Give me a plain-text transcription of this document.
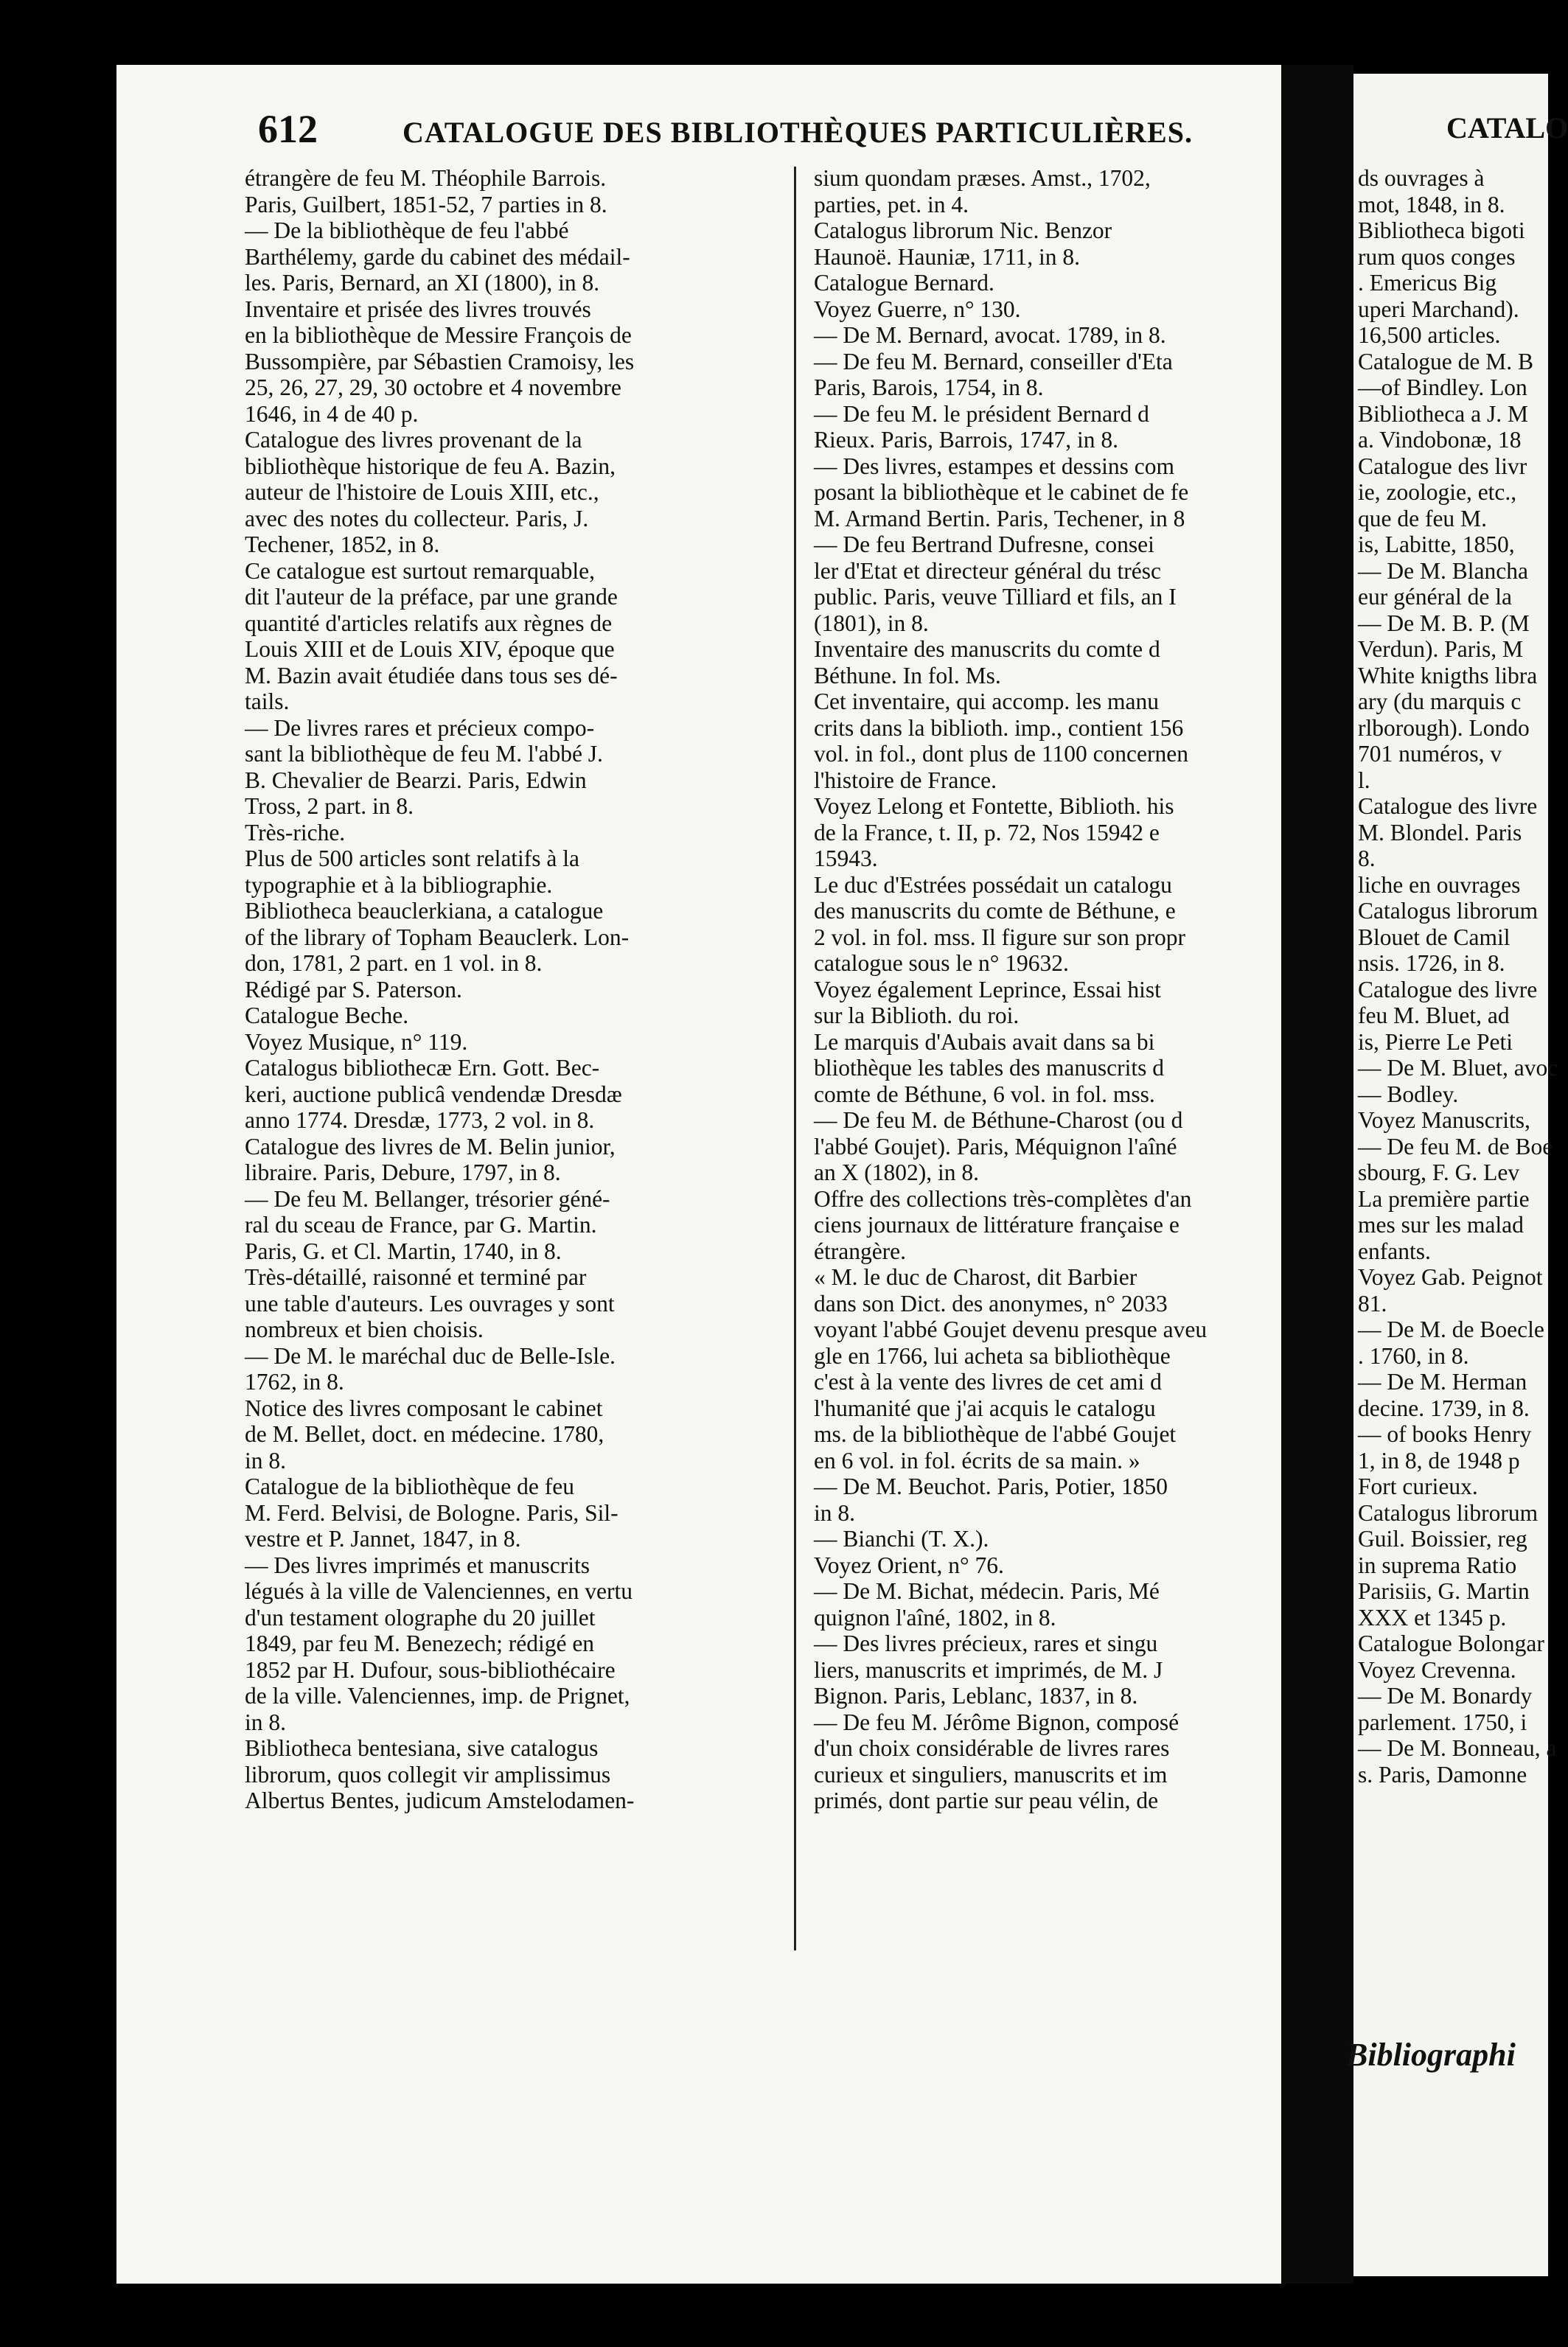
612	CATALOGUE DES BIBLIOTHÈQUES PARTICULIÈRES.	CATALO
étrangère de feu M. Théophile Barrois.
Paris, Guilbert, 1851-52, 7 parties in 8.
— De la bibliothèque de feu l'abbé
Barthélemy, garde du cabinet des médail-
les. Paris, Bernard, an XI (1800), in 8.
Inventaire et prisée des livres trouvés
en la bibliothèque de Messire François de
Bussompière, par Sébastien Cramoisy, les
25, 26, 27, 29, 30 octobre et 4 novembre
1646, in 4 de 40 p.
Catalogue des livres provenant de la
bibliothèque historique de feu A. Bazin,
auteur de l'histoire de Louis XIII, etc.,
avec des notes du collecteur. Paris, J.
Techener, 1852, in 8.
Ce catalogue est surtout remarquable,
dit l'auteur de la préface, par une grande
quantité d'articles relatifs aux règnes de
Louis XIII et de Louis XIV, époque que
M. Bazin avait étudiée dans tous ses dé-
tails.
— De livres rares et précieux compo-
sant la bibliothèque de feu M. l'abbé J.
B. Chevalier de Bearzi. Paris, Edwin
Tross, 2 part. in 8.
Très-riche.
Plus de 500 articles sont relatifs à la
typographie et à la bibliographie.
Bibliotheca beauclerkiana, a catalogue
of the library of Topham Beauclerk. Lon-
don, 1781, 2 part. en 1 vol. in 8.
Rédigé par S. Paterson.
Catalogue Beche.
Voyez Musique, n° 119.
Catalogus bibliothecæ Ern. Gott. Bec-
keri, auctione publicâ vendendæ Dresdæ
anno 1774. Dresdæ, 1773, 2 vol. in 8.
Catalogue des livres de M. Belin junior,
libraire. Paris, Debure, 1797, in 8.
— De feu M. Bellanger, trésorier géné-
ral du sceau de France, par G. Martin.
Paris, G. et Cl. Martin, 1740, in 8.
Très-détaillé, raisonné et terminé par
une table d'auteurs. Les ouvrages y sont
nombreux et bien choisis.
— De M. le maréchal duc de Belle-Isle.
1762, in 8.
Notice des livres composant le cabinet
de M. Bellet, doct. en médecine. 1780,
in 8.
Catalogue de la bibliothèque de feu
M. Ferd. Belvisi, de Bologne. Paris, Sil-
vestre et P. Jannet, 1847, in 8.
— Des livres imprimés et manuscrits
légués à la ville de Valenciennes, en vertu
d'un testament olographe du 20 juillet
1849, par feu M. Benezech; rédigé en
1852 par H. Dufour, sous-bibliothécaire
de la ville. Valenciennes, imp. de Prignet,
in 8.
Bibliotheca bentesiana, sive catalogus
librorum, quos collegit vir amplissimus
Albertus Bentes, judicum Amstelodamen-
sium quondam præses. Amst., 1702,
parties, pet. in 4.
Catalogus librorum Nic. Benzor
Haunoë. Hauniæ, 1711, in 8.
Catalogue Bernard.
Voyez Guerre, n° 130.
— De M. Bernard, avocat. 1789, in 8.
— De feu M. Bernard, conseiller d'Eta
Paris, Barois, 1754, in 8.
— De feu M. le président Bernard d
Rieux. Paris, Barrois, 1747, in 8.
— Des livres, estampes et dessins com
posant la bibliothèque et le cabinet de fe
M. Armand Bertin. Paris, Techener, in 8
— De feu Bertrand Dufresne, consei
ler d'Etat et directeur général du trésc
public. Paris, veuve Tilliard et fils, an I
(1801), in 8.
Inventaire des manuscrits du comte d
Béthune. In fol. Ms.
Cet inventaire, qui accomp. les manu
crits dans la biblioth. imp., contient 156
vol. in fol., dont plus de 1100 concernen
l'histoire de France.
Voyez Lelong et Fontette, Biblioth. his
de la France, t. II, p. 72, Nos 15942 e
15943.
Le duc d'Estrées possédait un catalogu
des manuscrits du comte de Béthune, e
2 vol. in fol. mss. Il figure sur son propr
catalogue sous le n° 19632.
Voyez également Leprince, Essai hist
sur la Biblioth. du roi.
Le marquis d'Aubais avait dans sa bi
bliothèque les tables des manuscrits d
comte de Béthune, 6 vol. in fol. mss.
— De feu M. de Béthune-Charost (ou d
l'abbé Goujet). Paris, Méquignon l'aîné
an X (1802), in 8.
Offre des collections très-complètes d'an
ciens journaux de littérature française e
étrangère.
« M. le duc de Charost, dit Barbier
dans son Dict. des anonymes, n° 2033
voyant l'abbé Goujet devenu presque aveu
gle en 1766, lui acheta sa bibliothèque
c'est à la vente des livres de cet ami d
l'humanité que j'ai acquis le catalogu
ms. de la bibliothèque de l'abbé Goujet
en 6 vol. in fol. écrits de sa main. »
— De M. Beuchot. Paris, Potier, 1850
in 8.
— Bianchi (T. X.).
Voyez Orient, n° 76.
— De M. Bichat, médecin. Paris, Mé
quignon l'aîné, 1802, in 8.
— Des livres précieux, rares et singu
liers, manuscrits et imprimés, de M. J
Bignon. Paris, Leblanc, 1837, in 8.
— De feu M. Jérôme Bignon, composé
d'un choix considérable de livres rares
curieux et singuliers, manuscrits et im
primés, dont partie sur peau vélin, de
ds ouvrages à
mot, 1848, in 8.
Bibliotheca bigoti
rum quos conges
. Emericus Big
uperi Marchand).
16,500 articles.
Catalogue de M. B
—of Bindley. Lon
Bibliotheca a J. M
a. Vindobonæ, 18
Catalogue des livr
ie, zoologie, etc.,
que de feu M.
is, Labitte, 1850,
— De M. Blancha
eur général de la
— De M. B. P. (M
Verdun). Paris, M
White knigths libra
ary (du marquis c
rlborough). Londo
701 numéros, v
l.
Catalogue des livre
M. Blondel. Paris
8.
liche en ouvrages
Catalogus librorum
Blouet de Camil
nsis. 1726, in 8.
Catalogue des livre
feu M. Bluet, ad
is, Pierre Le Peti
— De M. Bluet, avoc
— Bodley.
Voyez Manuscrits,
— De feu M. de Boe
sbourg, F. G. Lev
La première partie
mes sur les malad
enfants.
Voyez Gab. Peignot
81.
— De M. de Boecle
. 1760, in 8.
— De M. Herman
decine. 1739, in 8.
— of books Henry
1, in 8, de 1948 p
Fort curieux.
Catalogus librorum
Guil. Boissier, reg
in suprema Ratio
Parisiis, G. Martin
XXX et 1345 p.
Catalogue Bolongar
Voyez Crevenna.
— De M. Bonardy
parlement. 1750, i
— De M. Bonneau, a
s. Paris, Damonne
Bibliographi
